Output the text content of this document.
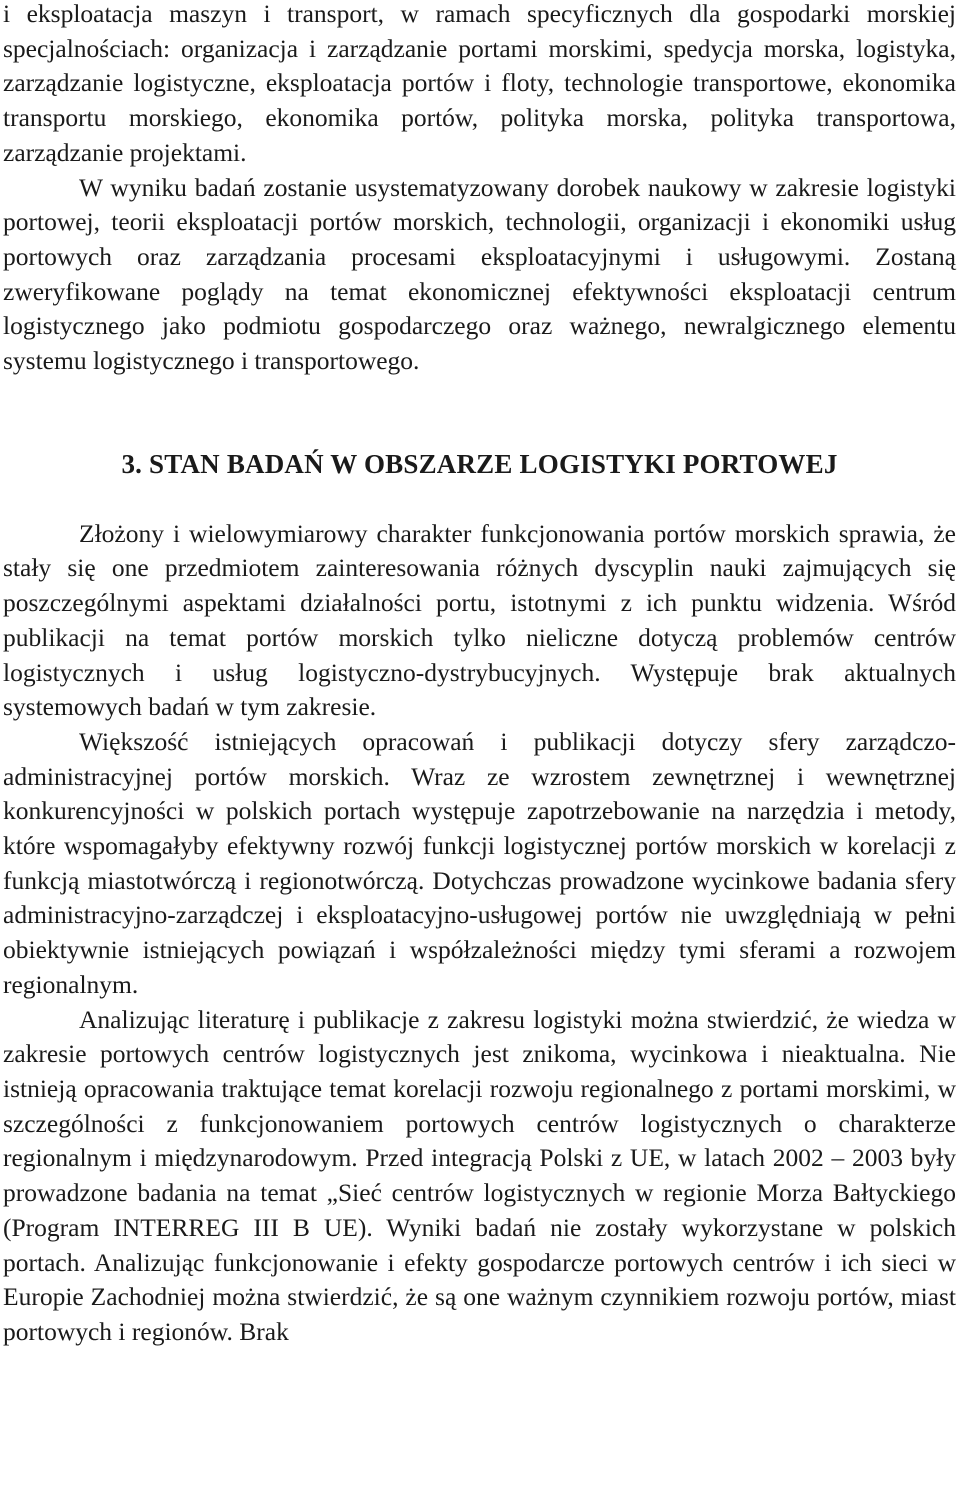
i eksploatacja maszyn i transport, w ramach specyficznych dla gospodarki morskiej specjalnościach: organizacja i zarządzanie portami morskimi, spedycja morska, logistyka, zarządzanie logistyczne, eksploatacja portów i floty, technologie transportowe, ekonomika transportu morskiego, ekonomika portów, polityka morska, polityka transportowa, zarządzanie projektami.

W wyniku badań zostanie usystematyzowany dorobek naukowy w zakresie logistyki portowej, teorii eksploatacji portów morskich, technologii, organizacji i ekonomiki usług portowych oraz zarządzania procesami eksploatacyjnymi i usługowymi. Zostaną zweryfikowane poglądy na temat ekonomicznej efektywności eksploatacji centrum logistycznego jako podmiotu gospodarczego oraz ważnego, newralgicznego elementu systemu logistycznego i transportowego.

3. STAN BADAŃ W OBSZARZE LOGISTYKI PORTOWEJ

Złożony i wielowymiarowy charakter funkcjonowania portów morskich sprawia, że stały się one przedmiotem zainteresowania różnych dyscyplin nauki zajmujących się poszczególnymi aspektami działalności portu, istotnymi z ich punktu widzenia. Wśród publikacji na temat portów morskich tylko nieliczne dotyczą problemów centrów logistycznych i usług logistyczno-dystrybucyjnych. Występuje brak aktualnych systemowych badań w tym zakresie.

Większość istniejących opracowań i publikacji dotyczy sfery zarządczo-administracyjnej portów morskich. Wraz ze wzrostem zewnętrznej i wewnętrznej konkurencyjności w polskich portach występuje zapotrzebowanie na narzędzia i metody, które wspomagałyby efektywny rozwój funkcji logistycznej portów morskich w korelacji z funkcją miastotwórczą i regionotwórczą. Dotychczas prowadzone wycinkowe badania sfery administracyjno-zarządczej i eksploatacyjno-usługowej portów nie uwzględniają w pełni obiektywnie istniejących powiązań i współzależności między tymi sferami a rozwojem regionalnym.

Analizując literaturę i publikacje z zakresu logistyki można stwierdzić, że wiedza w zakresie portowych centrów logistycznych jest znikoma, wycinkowa i nieaktualna. Nie istnieją opracowania traktujące temat korelacji rozwoju regionalnego z portami morskimi, w szczególności z funkcjonowaniem portowych centrów logistycznych o charakterze regionalnym i międzynarodowym. Przed integracją Polski z UE, w latach 2002 – 2003 były prowadzone badania na temat „Sieć centrów logistycznych w regionie Morza Bałtyckiego (Program INTERREG III B UE). Wyniki badań nie zostały wykorzystane w polskich portach. Analizując funkcjonowanie i efekty gospodarcze portowych centrów i ich sieci w Europie Zachodniej można stwierdzić, że są one ważnym czynnikiem rozwoju portów, miast portowych i regionów. Brak
